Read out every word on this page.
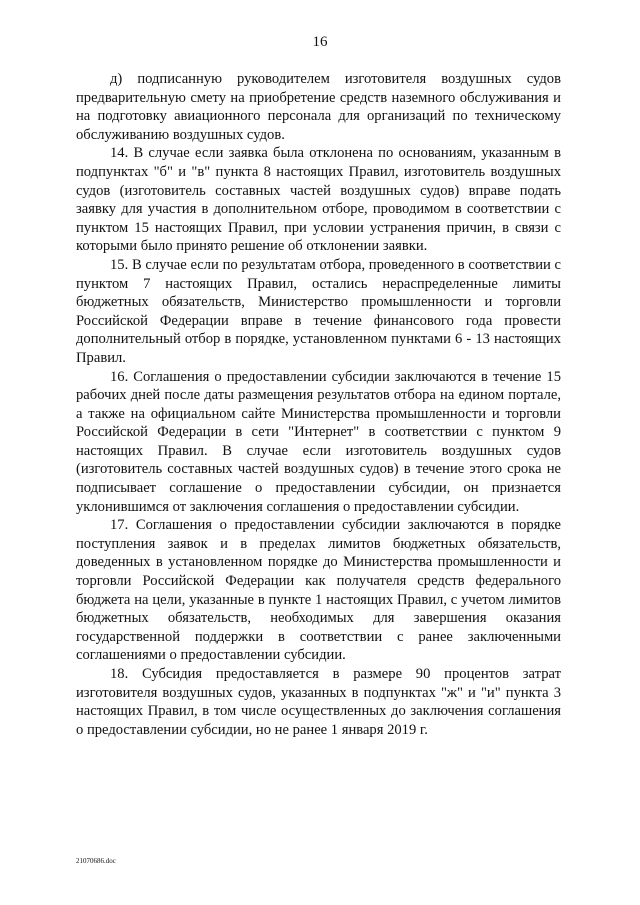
16

д) подписанную руководителем изготовителя воздушных судов предварительную смету на приобретение средств наземного обслуживания и на подготовку авиационного персонала для организаций по техническому обслуживанию воздушных судов.

14. В случае если заявка была отклонена по основаниям, указанным в подпунктах "б" и "в" пункта 8 настоящих Правил, изготовитель воздушных судов (изготовитель составных частей воздушных судов) вправе подать заявку для участия в дополнительном отборе, проводимом в соответствии с пунктом 15 настоящих Правил, при условии устранения причин, в связи с которыми было принято решение об отклонении заявки.

15. В случае если по результатам отбора, проведенного в соответствии с пунктом 7 настоящих Правил, остались нераспределенные лимиты бюджетных обязательств, Министерство промышленности и торговли Российской Федерации вправе в течение финансового года провести дополнительный отбор в порядке, установленном пунктами 6 - 13 настоящих Правил.

16. Соглашения о предоставлении субсидии заключаются в течение 15 рабочих дней после даты размещения результатов отбора на едином портале, а также на официальном сайте Министерства промышленности и торговли Российской Федерации в сети "Интернет" в соответствии с пунктом 9 настоящих Правил. В случае если изготовитель воздушных судов (изготовитель составных частей воздушных судов) в течение этого срока не подписывает соглашение о предоставлении субсидии, он признается уклонившимся от заключения соглашения о предоставлении субсидии.

17. Соглашения о предоставлении субсидии заключаются в порядке поступления заявок и в пределах лимитов бюджетных обязательств, доведенных в установленном порядке до Министерства промышленности и торговли Российской Федерации как получателя средств федерального бюджета на цели, указанные в пункте 1 настоящих Правил, с учетом лимитов бюджетных обязательств, необходимых для завершения оказания государственной поддержки в соответствии с ранее заключенными соглашениями о предоставлении субсидии.

18. Субсидия предоставляется в размере 90 процентов затрат изготовителя воздушных судов, указанных в подпунктах "ж" и "и" пункта 3 настоящих Правил, в том числе осуществленных до заключения соглашения о предоставлении субсидии, но не ранее 1 января 2019 г.

21070686.doc
